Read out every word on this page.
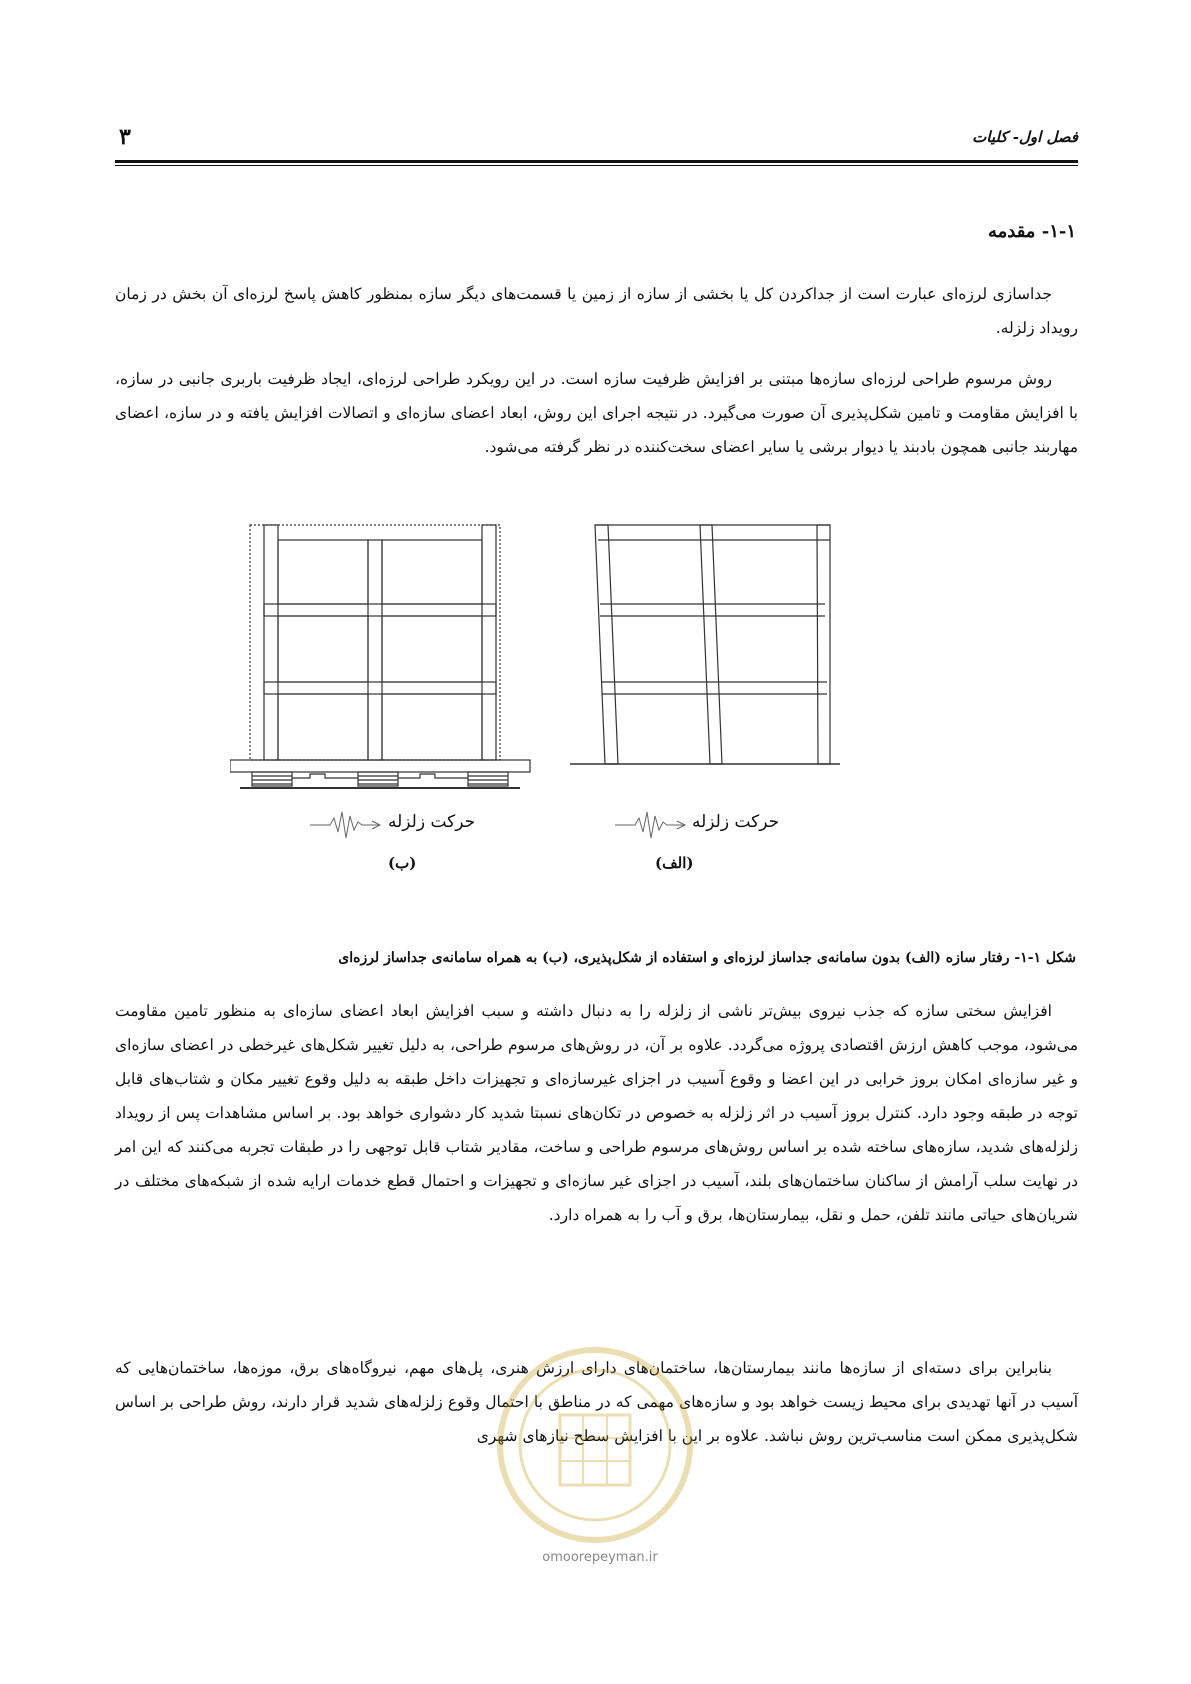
فصل اول- کلیات
۳
۱-۱- مقدمه

جداسازی لرزه‌ای عبارت است از جداکردن کل یا بخشی از سازه از زمین یا قسمت‌های دیگر سازه بمنظور کاهش پاسخ لرزه‌ای آن بخش در زمان رویداد زلزله.

روش مرسوم طراحی لرزه‌ای سازه‌ها مبتنی بر افزایش ظرفیت سازه است. در این رویکرد طراحی لرزه‌ای، ایجاد ظرفیت باربری جانبی در سازه، با افزایش مقاومت و تامین شکل‌پذیری آن صورت می‌گیرد. در نتیجه اجرای این روش، ابعاد اعضای سازه‌ای و اتصالات افزایش یافته و در سازه، اعضای مهاربند جانبی همچون بادبند یا دیوار برشی یا سایر اعضای سخت‌کننده در نظر گرفته می‌شود.

حرکت زلزله	حرکت زلزله
(ب)	(الف)
شکل ۱-۱- رفتار سازه (الف) بدون سامانه‌ی جداساز لرزه‌ای و استفاده از شکل‌پذیری، (ب) به همراه سامانه‌ی جداساز لرزه‌ای

افزایش سختی سازه که جذب نیروی بیش‌تر ناشی از زلزله را به دنبال داشته و سبب افزایش ابعاد اعضای سازه‌ای به منظور تامین مقاومت می‌شود، موجب کاهش ارزش اقتصادی پروژه می‌گردد. علاوه بر آن، در روش‌های مرسوم طراحی، به دلیل تغییر شکل‌های غیرخطی در اعضای سازه‌ای و غیر سازه‌ای امکان بروز خرابی در این اعضا و وقوع آسیب در اجزای غیرسازه‌ای و تجهیزات داخل طبقه به دلیل وقوع تغییر مکان و شتاب‌های قابل توجه در طبقه وجود دارد. کنترل بروز آسیب در اثر زلزله به خصوص در تکان‌های نسبتا شدید کار دشواری خواهد بود. بر اساس مشاهدات پس از رویداد زلزله‌های شدید، سازه‌های ساخته شده بر اساس روش‌های مرسوم طراحی و ساخت، مقادیر شتاب قابل توجهی را در طبقات تجربه می‌کنند که این امر در نهایت سلب آرامش از ساکنان ساختمان‌های بلند، آسیب در اجزای غیر سازه‌ای و تجهیزات و احتمال قطع خدمات ارایه شده از شبکه‌های مختلف در شریان‌های حیاتی مانند تلفن، حمل و نقل، بیمارستان‌ها، برق و آب را به همراه دارد.

بنابراین برای دسته‌ای از سازه‌ها مانند بیمارستان‌ها، ساختمان‌های دارای ارزش هنری، پل‌های مهم، نیروگاه‌های برق، موزه‌ها، ساختمان‌هایی که آسیب در آنها تهدیدی برای محیط زیست خواهد بود و سازه‌های مهمی که در مناطق با احتمال وقوع زلزله‌های شدید قرار دارند، روش طراحی بر اساس شکل‌پذیری ممکن است مناسب‌ترین روش نباشد. علاوه بر این با افزایش سطح نیازهای شهری

omoorepeyman.ir
